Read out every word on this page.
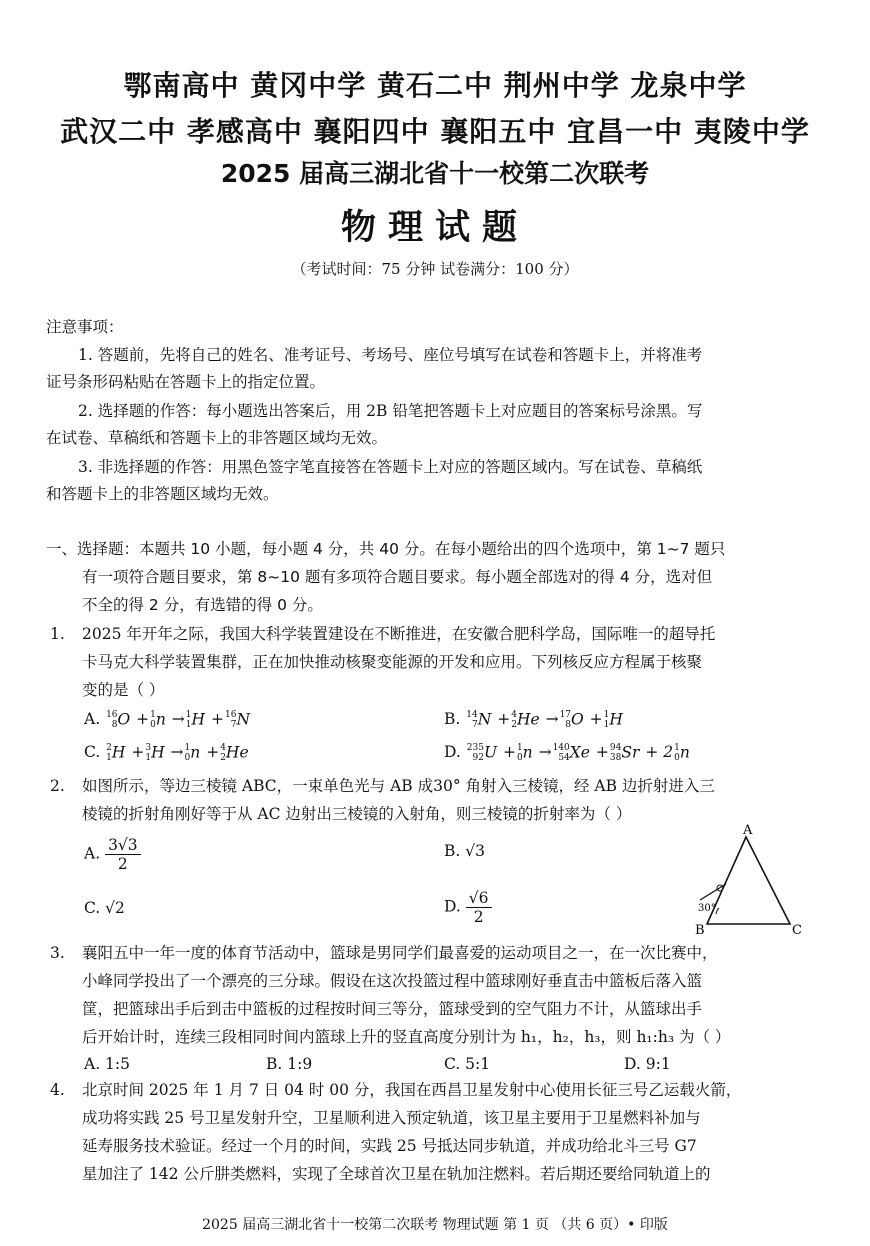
鄂南高中 黄冈中学 黄石二中 荆州中学 龙泉中学
武汉二中 孝感高中 襄阳四中 襄阳五中 宜昌一中 夷陵中学
2025 届高三湖北省十一校第二次联考
物理试题
（考试时间：75 分钟 试卷满分：100 分）
注意事项：
1. 答题前，先将自己的姓名、准考证号、考场号、座位号填写在试卷和答题卡上，并将准考
证号条形码粘贴在答题卡上的指定位置。
2. 选择题的作答：每小题选出答案后，用 2B 铅笔把答题卡上对应题目的答案标号涂黑。写
在试卷、草稿纸和答题卡上的非答题区域均无效。
3. 非选择题的作答：用黑色签字笔直接答在答题卡上对应的答题区域内。写在试卷、草稿纸
和答题卡上的非答题区域均无效。
一、选择题：本题共 10 小题，每小题 4 分，共 40 分。在每小题给出的四个选项中，第 1~7 题只
有一项符合题目要求，第 8~10 题有多项符合题目要求。每小题全部选对的得 4 分，选对但
不全的得 2 分，有选错的得 0 分。
1. 2025 年开年之际，我国大科学装置建设在不断推进，在安徽合肥科学岛，国际唯一的超导托
卡马克大科学装置集群，正在加快推动核聚变能源的开发和应用。下列核反应方程属于核聚
变的是（ ）
A. 16
8 O + 1
0 n → 1
1 H + 16
7 N	B. 14
7 N + 4
2 He → 17
8 O + 1
1 H
C. 2
1 H + 3
1 H → 1
0 n + 4
2 He	D. 235
92 U + 1
0 n → 140
54 Xe + 94
38 Sr + 2 1
0 n
2. 如图所示，等边三棱镜 ABC，一束单色光与 AB 成30° 角射入三棱镜，经 AB 边折射进入三
棱镜的折射角刚好等于从 AC 边射出三棱镜的入射角，则三棱镜的折射率为（ ）
A. $\frac{3√3}{2}$	B. √3
C. √2	D. $\frac{√6}{2}$
A
B	C
30°
3. 襄阳五中一年一度的体育节活动中，篮球是男同学们最喜爱的运动项目之一，在一次比赛中，
小峰同学投出了一个漂亮的三分球。假设在这次投篮过程中篮球刚好垂直击中篮板后落入篮
筐，把篮球出手后到击中篮板的过程按时间三等分，篮球受到的空气阻力不计，从篮球出手
后开始计时，连续三段相同时间内篮球上升的竖直高度分别计为 h₁，h₂，h₃，则 h₁:h₃ 为（ ）
A. 1:5	B. 1:9	C. 5:1	D. 9:1
4. 北京时间 2025 年 1 月 7 日 04 时 00 分，我国在西昌卫星发射中心使用长征三号乙运载火箭，
成功将实践 25 号卫星发射升空，卫星顺利进入预定轨道，该卫星主要用于卫星燃料补加与
延寿服务技术验证。经过一个月的时间，实践 25 号抵达同步轨道，并成功给北斗三号 G7
星加注了 142 公斤肼类燃料，实现了全球首次卫星在轨加注燃料。若后期还要给同轨道上的
2025 届高三湖北省十一校第二次联考 物理试题 第 1 页 （共 6 页）• 印版
